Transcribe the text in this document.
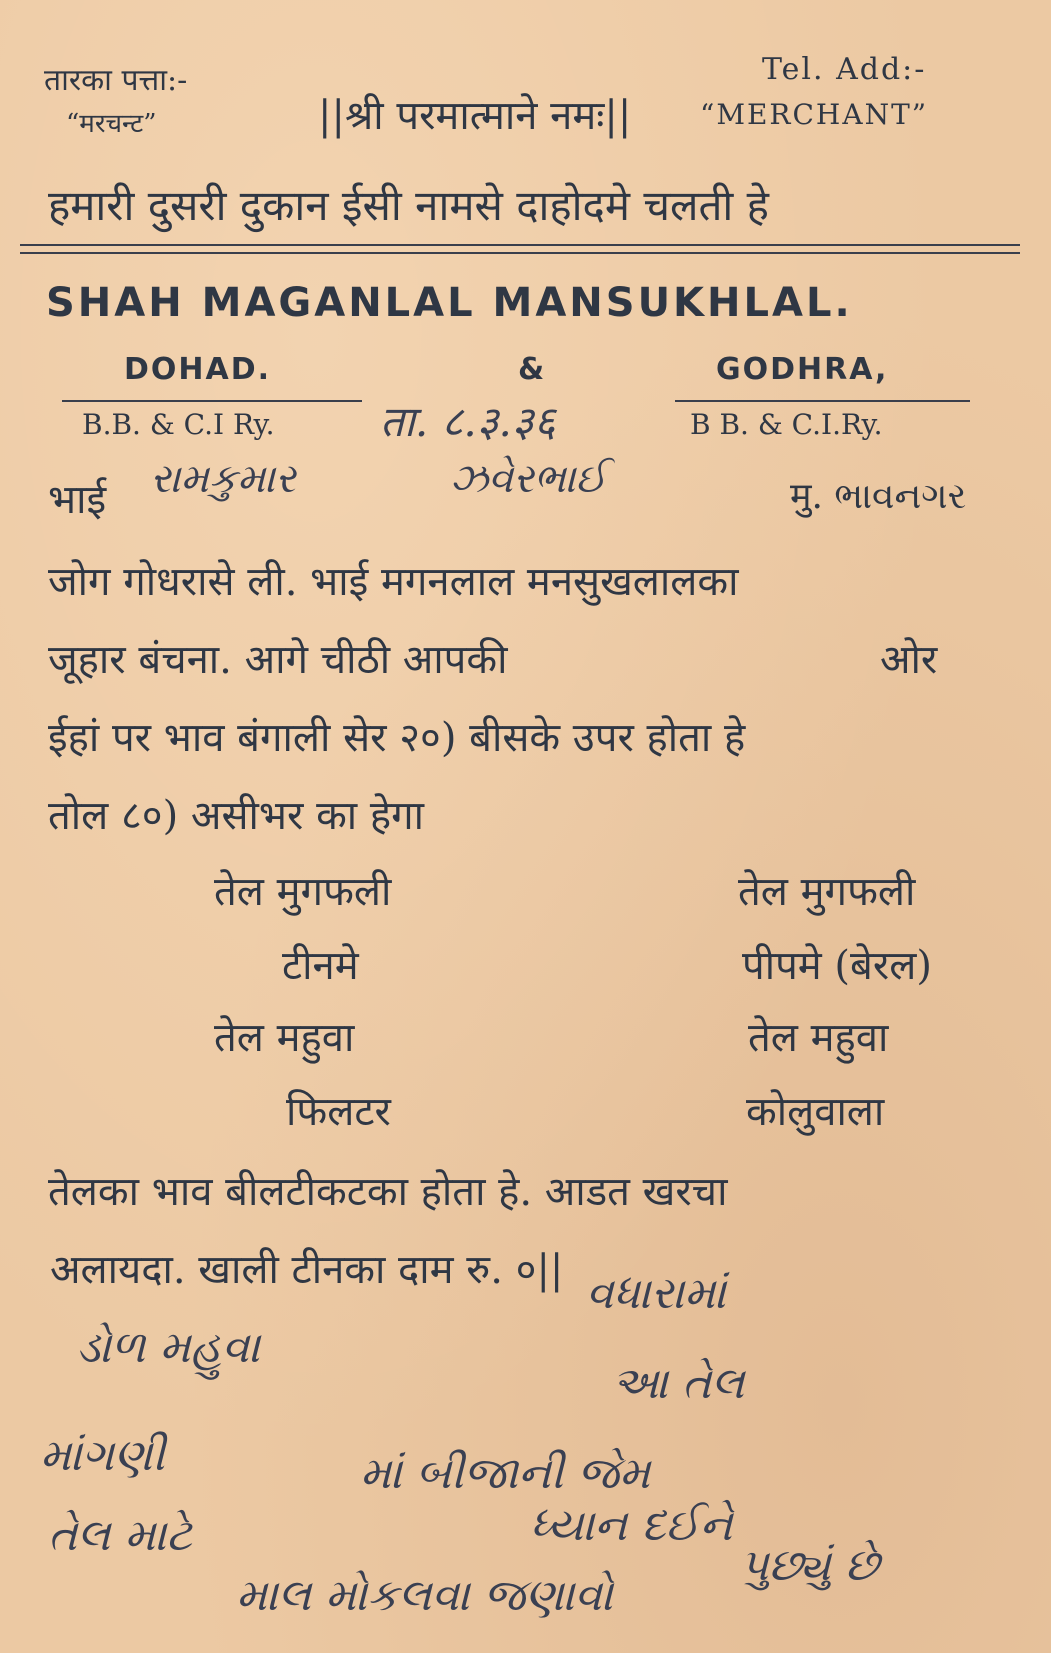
तारका पत्ता:-
“मरचन्ट”	||श्री परमात्माने नमः||
Tel. Add:-
“MERCHANT”
हमारी दुसरी दुकान ईसी नामसे दाहोदमे चलती हे
SHAH MAGANLAL MANSUKHLAL.
DOHAD.	&	GODHRA,
B.B. & C.I Ry.	B B. & C.I.Ry.
ता. ८.३.३६
भाई રામકુમાર	ઝવેરભાઈ	मु. ભાવનગર
जोग गोधरासे ली. भाई मगनलाल मनसुखलालका
जूहार बंचना. आगे चीठी आपकी	ओर
ईहां पर भाव बंगाली सेर २०) बीसके उपर होता हे
तोल ८०) असीभर का हेगा
तेल मुगफली	तेल मुगफली
टीनमे	पीपमे (बेरल)
तेल महुवा	तेल महुवा
फिलटर	कोलुवाला
तेलका भाव बीलटीकटका होता हे. आडत खरचा
अलायदा. खाली टीनका दाम रु. ०|| વધારામાં
ડોળ મહુવા
આ તેલ
માંગણી	માં બીજાની જેમ
તેલ માટે	ધ્યાન દઈને
માલ મોકલવા જણાવો
પુછ્યું છે
